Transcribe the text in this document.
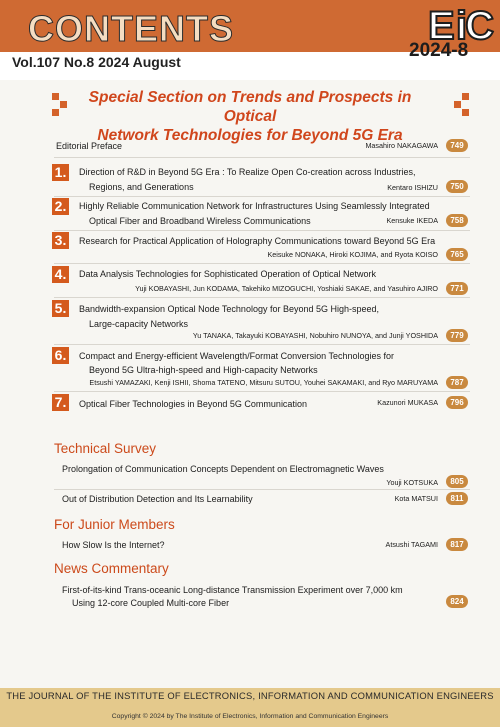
CONTENTS
Vol.107 No.8 2024 August
E iC
2024-8
Special Section on Trends and Prospects in Optical
Network Technologies for Beyond 5G Era
Editorial Preface	Masahiro NAKAGAWA	749
1. Direction of R&D in Beyond 5G Era : To Realize Open Co-creation across Industries,
Regions, and Generations	Kentaro ISHIZU	750
2. Highly Reliable Communication Network for Infrastructures Using Seamlessly Integrated
Optical Fiber and Broadband Wireless Communications	Kensuke IKEDA	758
3. Research for Practical Application of Holography Communications toward Beyond 5G Era
Keisuke NONAKA, Hiroki KOJIMA, and Ryota KOISO	765
4. Data Analysis Technologies for Sophisticated Operation of Optical Network
Yuji KOBAYASHI, Jun KODAMA, Takehiko MIZOGUCHI, Yoshiaki SAKAE, and Yasuhiro AJIRO	771
5. Bandwidth-expansion Optical Node Technology for Beyond 5G High-speed,
Large-capacity Networks
Yu TANAKA, Takayuki KOBAYASHI, Nobuhiro NUNOYA, and Junji YOSHIDA	779
6. Compact and Energy-efficient Wavelength/Format Conversion Technologies for
Beyond 5G Ultra-high-speed and High-capacity Networks
Etsushi YAMAZAKI, Kenji ISHII, Shoma TATENO, Mitsuru SUTOU, Youhei SAKAMAKI, and Ryo MARUYAMA	787
7. Optical Fiber Technologies in Beyond 5G Communication	Kazunori MUKASA	796
Technical Survey
Prolongation of Communication Concepts Dependent on Electromagnetic Waves
Youji KOTSUKA	805
Out of Distribution Detection and Its Learnability	Kota MATSUI	811
For Junior Members
How Slow Is the Internet?	Atsushi TAGAMI	817
News Commentary
First-of-its-kind Trans-oceanic Long-distance Transmission Experiment over 7,000 km
Using 12-core Coupled Multi-core Fiber	824
THE JOURNAL OF THE INSTITUTE OF ELECTRONICS, INFORMATION AND COMMUNICATION ENGINEERS
Copyright © 2024 by The Institute of Electronics, Information and Communication Engineers
